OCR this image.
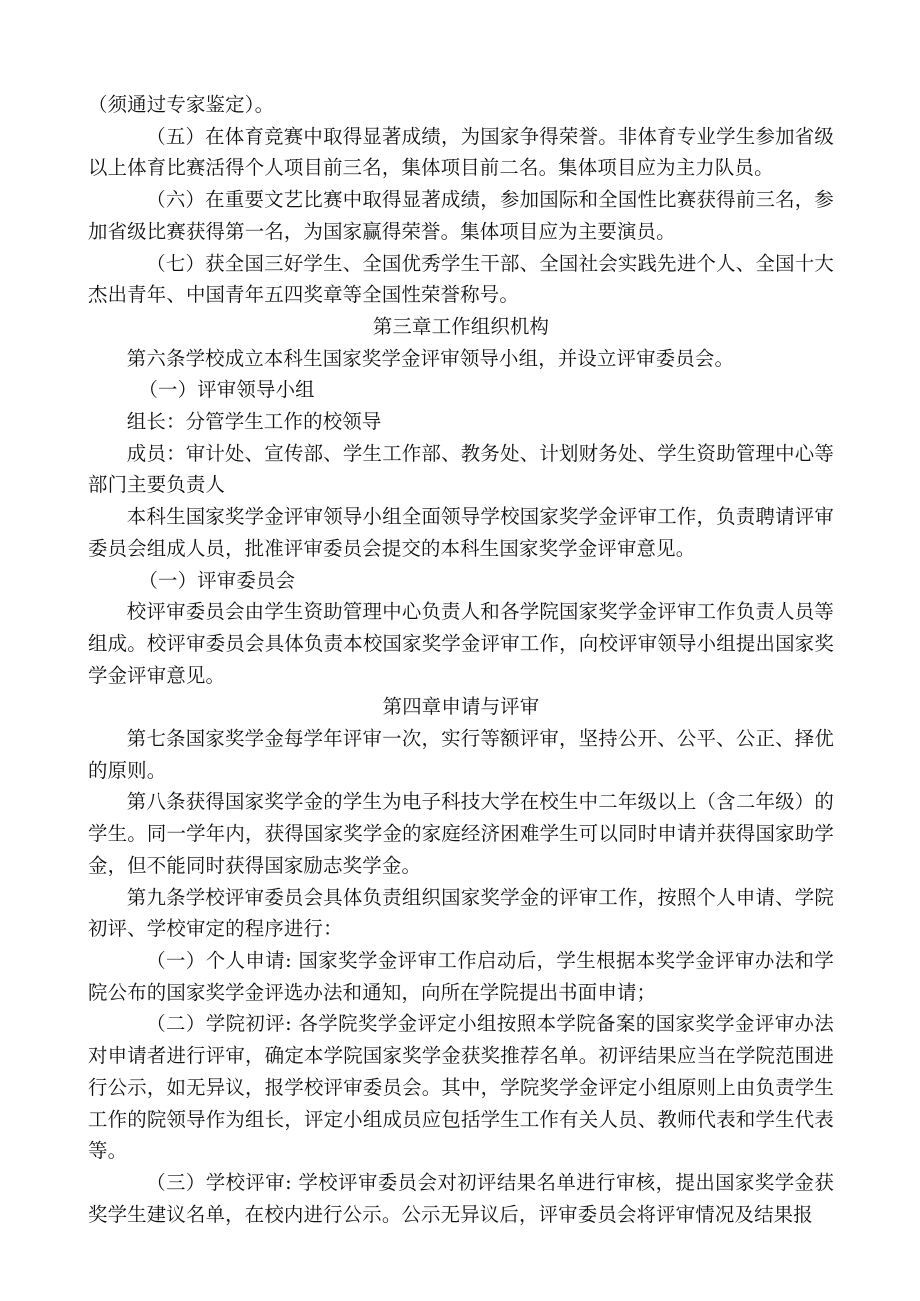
（须通过专家鉴定）。

（五）在体育竞赛中取得显著成绩，为国家争得荣誉。非体育专业学生参加省级以上体育比赛活得个人项目前三名，集体项目前二名。集体项目应为主力队员。

（六）在重要文艺比赛中取得显著成绩，参加国际和全国性比赛获得前三名，参加省级比赛获得第一名，为国家赢得荣誉。集体项目应为主要演员。

（七）获全国三好学生、全国优秀学生干部、全国社会实践先进个人、全国十大杰出青年、中国青年五四奖章等全国性荣誉称号。

第三章工作组织机构

第六条学校成立本科生国家奖学金评审领导小组，并设立评审委员会。

（一）评审领导小组

组长：分管学生工作的校领导

成员：审计处、宣传部、学生工作部、教务处、计划财务处、学生资助管理中心等部门主要负责人

本科生国家奖学金评审领导小组全面领导学校国家奖学金评审工作，负责聘请评审委员会组成人员，批准评审委员会提交的本科生国家奖学金评审意见。

（一）评审委员会

校评审委员会由学生资助管理中心负责人和各学院国家奖学金评审工作负责人员等组成。校评审委员会具体负责本校国家奖学金评审工作，向校评审领导小组提出国家奖学金评审意见。

第四章申请与评审

第七条国家奖学金每学年评审一次，实行等额评审，坚持公开、公平、公正、择优的原则。

第八条获得国家奖学金的学生为电子科技大学在校生中二年级以上（含二年级）的学生。同一学年内，获得国家奖学金的家庭经济困难学生可以同时申请并获得国家助学金，但不能同时获得国家励志奖学金。

第九条学校评审委员会具体负责组织国家奖学金的评审工作，按照个人申请、学院初评、学校审定的程序进行：

（一）个人申请: 国家奖学金评审工作启动后，学生根据本奖学金评审办法和学院公布的国家奖学金评选办法和通知，向所在学院提出书面申请；

（二）学院初评: 各学院奖学金评定小组按照本学院备案的国家奖学金评审办法对申请者进行评审，确定本学院国家奖学金获奖推荐名单。初评结果应当在学院范围进行公示，如无异议，报学校评审委员会。其中，学院奖学金评定小组原则上由负责学生工作的院领导作为组长，评定小组成员应包括学生工作有关人员、教师代表和学生代表等。

（三）学校评审: 学校评审委员会对初评结果名单进行审核，提出国家奖学金获奖学生建议名单，在校内进行公示。公示无异议后，评审委员会将评审情况及结果报
